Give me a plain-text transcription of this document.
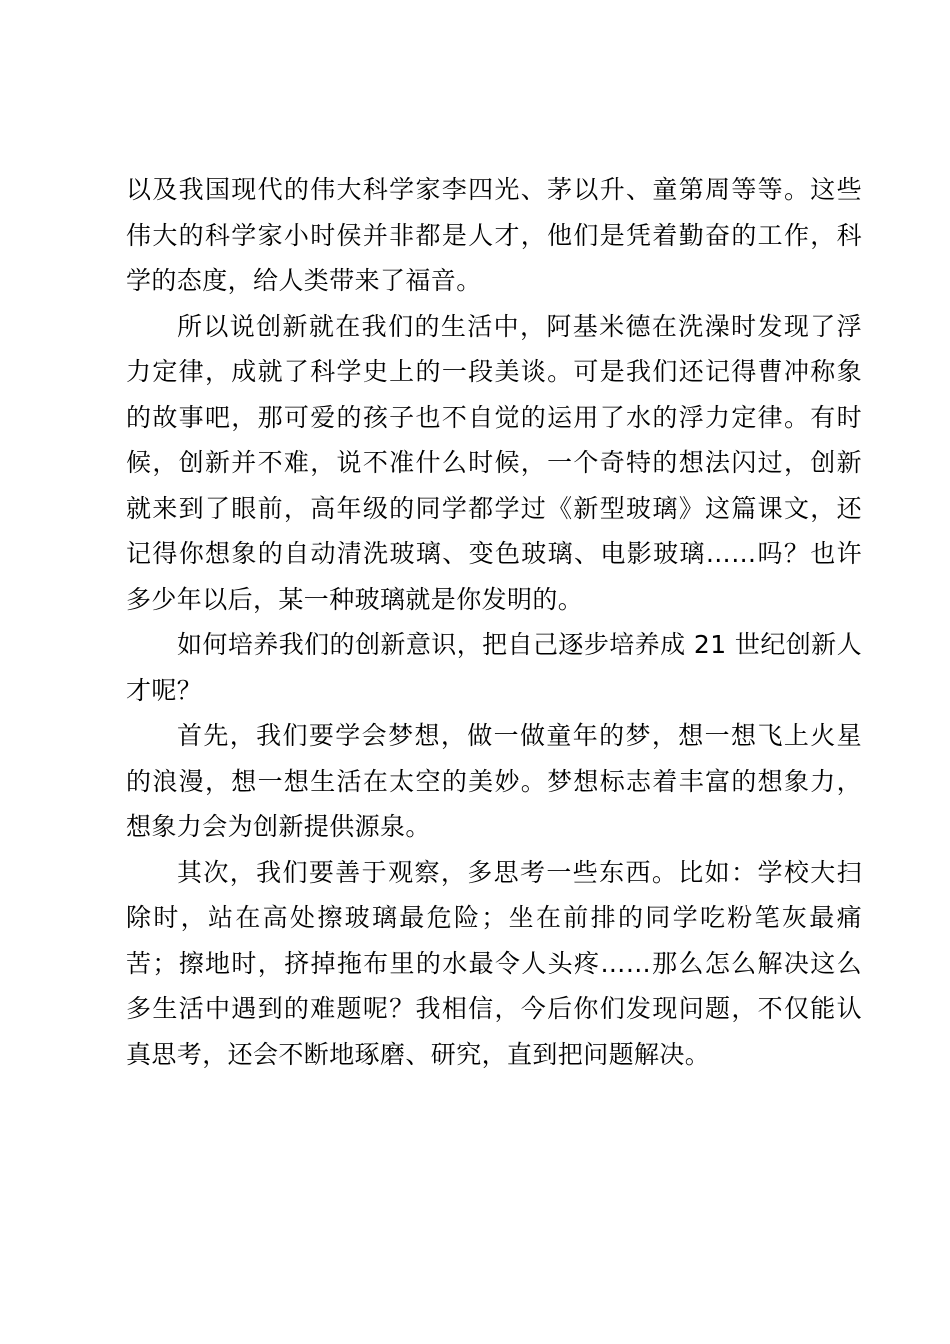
以及我国现代的伟大科学家李四光、茅以升、童第周等等。这些伟大的科学家小时侯并非都是人才，他们是凭着勤奋的工作，科学的态度，给人类带来了福音。

所以说创新就在我们的生活中，阿基米德在洗澡时发现了浮力定律，成就了科学史上的一段美谈。可是我们还记得曹冲称象的故事吧，那可爱的孩子也不自觉的运用了水的浮力定律。有时候，创新并不难，说不准什么时候，一个奇特的想法闪过，创新就来到了眼前，高年级的同学都学过《新型玻璃》这篇课文，还记得你想象的自动清洗玻璃、变色玻璃、电影玻璃……吗？也许多少年以后，某一种玻璃就是你发明的。

如何培养我们的创新意识，把自己逐步培养成 21 世纪创新人才呢？

首先，我们要学会梦想，做一做童年的梦，想一想飞上火星的浪漫，想一想生活在太空的美妙。梦想标志着丰富的想象力，想象力会为创新提供源泉。

其次，我们要善于观察，多思考一些东西。比如：学校大扫除时，站在高处擦玻璃最危险；坐在前排的同学吃粉笔灰最痛苦；擦地时，挤掉拖布里的水最令人头疼……那么怎么解决这么多生活中遇到的难题呢？我相信，今后你们发现问题，不仅能认真思考，还会不断地琢磨、研究，直到把问题解决。
